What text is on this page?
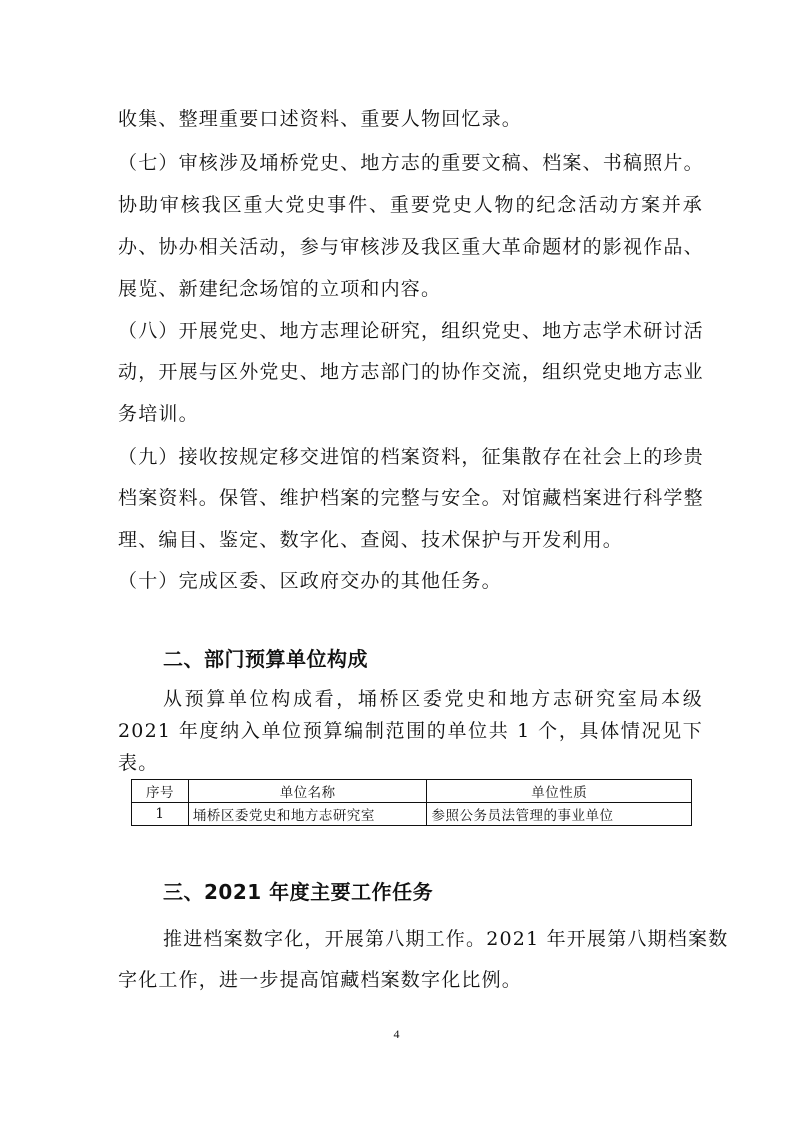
收集、整理重要口述资料、重要人物回忆录。
（七）审核涉及埇桥党史、地方志的重要文稿、档案、书稿照片。
协助审核我区重大党史事件、重要党史人物的纪念活动方案并承
办、协办相关活动，参与审核涉及我区重大革命题材的影视作品、
展览、新建纪念场馆的立项和内容。
（八）开展党史、地方志理论研究，组织党史、地方志学术研讨活
动，开展与区外党史、地方志部门的协作交流，组织党史地方志业
务培训。
（九）接收按规定移交进馆的档案资料，征集散存在社会上的珍贵
档案资料。保管、维护档案的完整与安全。对馆藏档案进行科学整
理、编目、鉴定、数字化、查阅、技术保护与开发利用。
（十）完成区委、区政府交办的其他任务。
二、部门预算单位构成
从预算单位构成看，埇桥区委党史和地方志研究室局本级
2021 年度纳入单位预算编制范围的单位共 1 个，具体情况见下
表。
序号	单位名称	单位性质
1	埇桥区委党史和地方志研究室	参照公务员法管理的事业单位
三、2021 年度主要工作任务
推进档案数字化，开展第八期工作。2021 年开展第八期档案数
字化工作，进一步提高馆藏档案数字化比例。
4
